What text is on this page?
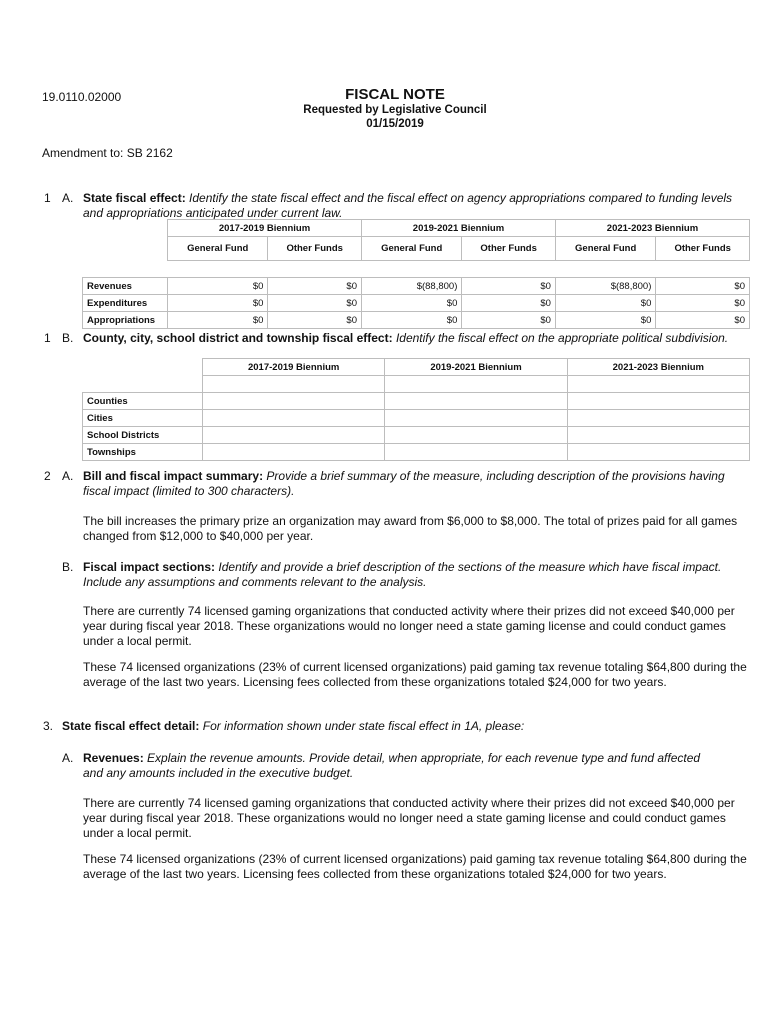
19.0110.02000	FISCAL NOTE
Requested by Legislative Council
01/15/2019
Amendment to: SB 2162
1 A. State fiscal effect: Identify the state fiscal effect and the fiscal effect on agency appropriations compared to funding levels and appropriations anticipated under current law.
	2017-2019 Biennium		2019-2021 Biennium		2021-2023 Biennium	
	General Fund	Other Funds	General Fund	Other Funds	General Fund	Other Funds

Revenues	$0	$0	$(88,800)	$0	$(88,800)	$0
Expenditures	$0	$0	$0	$0	$0	$0
Appropriations	$0	$0	$0	$0	$0	$0
1 B. County, city, school district and township fiscal effect: Identify the fiscal effect on the appropriate political subdivision.
	2017-2019 Biennium	2019-2021 Biennium	2021-2023 Biennium

Counties			
Cities			
School Districts			
Townships			
2 A. Bill and fiscal impact summary: Provide a brief summary of the measure, including description of the provisions having fiscal impact (limited to 300 characters).
The bill increases the primary prize an organization may award from $6,000 to $8,000. The total of prizes paid for all games changed from $12,000 to $40,000 per year.
B. Fiscal impact sections: Identify and provide a brief description of the sections of the measure which have fiscal impact. Include any assumptions and comments relevant to the analysis.
There are currently 74 licensed gaming organizations that conducted activity where their prizes did not exceed $40,000 per year during fiscal year 2018. These organizations would no longer need a state gaming license and could conduct games under a local permit.
These 74 licensed organizations (23% of current licensed organizations) paid gaming tax revenue totaling $64,800 during the average of the last two years. Licensing fees collected from these organizations totaled $24,000 for two years.
3. State fiscal effect detail: For information shown under state fiscal effect in 1A, please:
A. Revenues: Explain the revenue amounts. Provide detail, when appropriate, for each revenue type and fund affected and any amounts included in the executive budget.
There are currently 74 licensed gaming organizations that conducted activity where their prizes did not exceed $40,000 per year during fiscal year 2018. These organizations would no longer need a state gaming license and could conduct games under a local permit.
These 74 licensed organizations (23% of current licensed organizations) paid gaming tax revenue totaling $64,800 during the average of the last two years. Licensing fees collected from these organizations totaled $24,000 for two years.
